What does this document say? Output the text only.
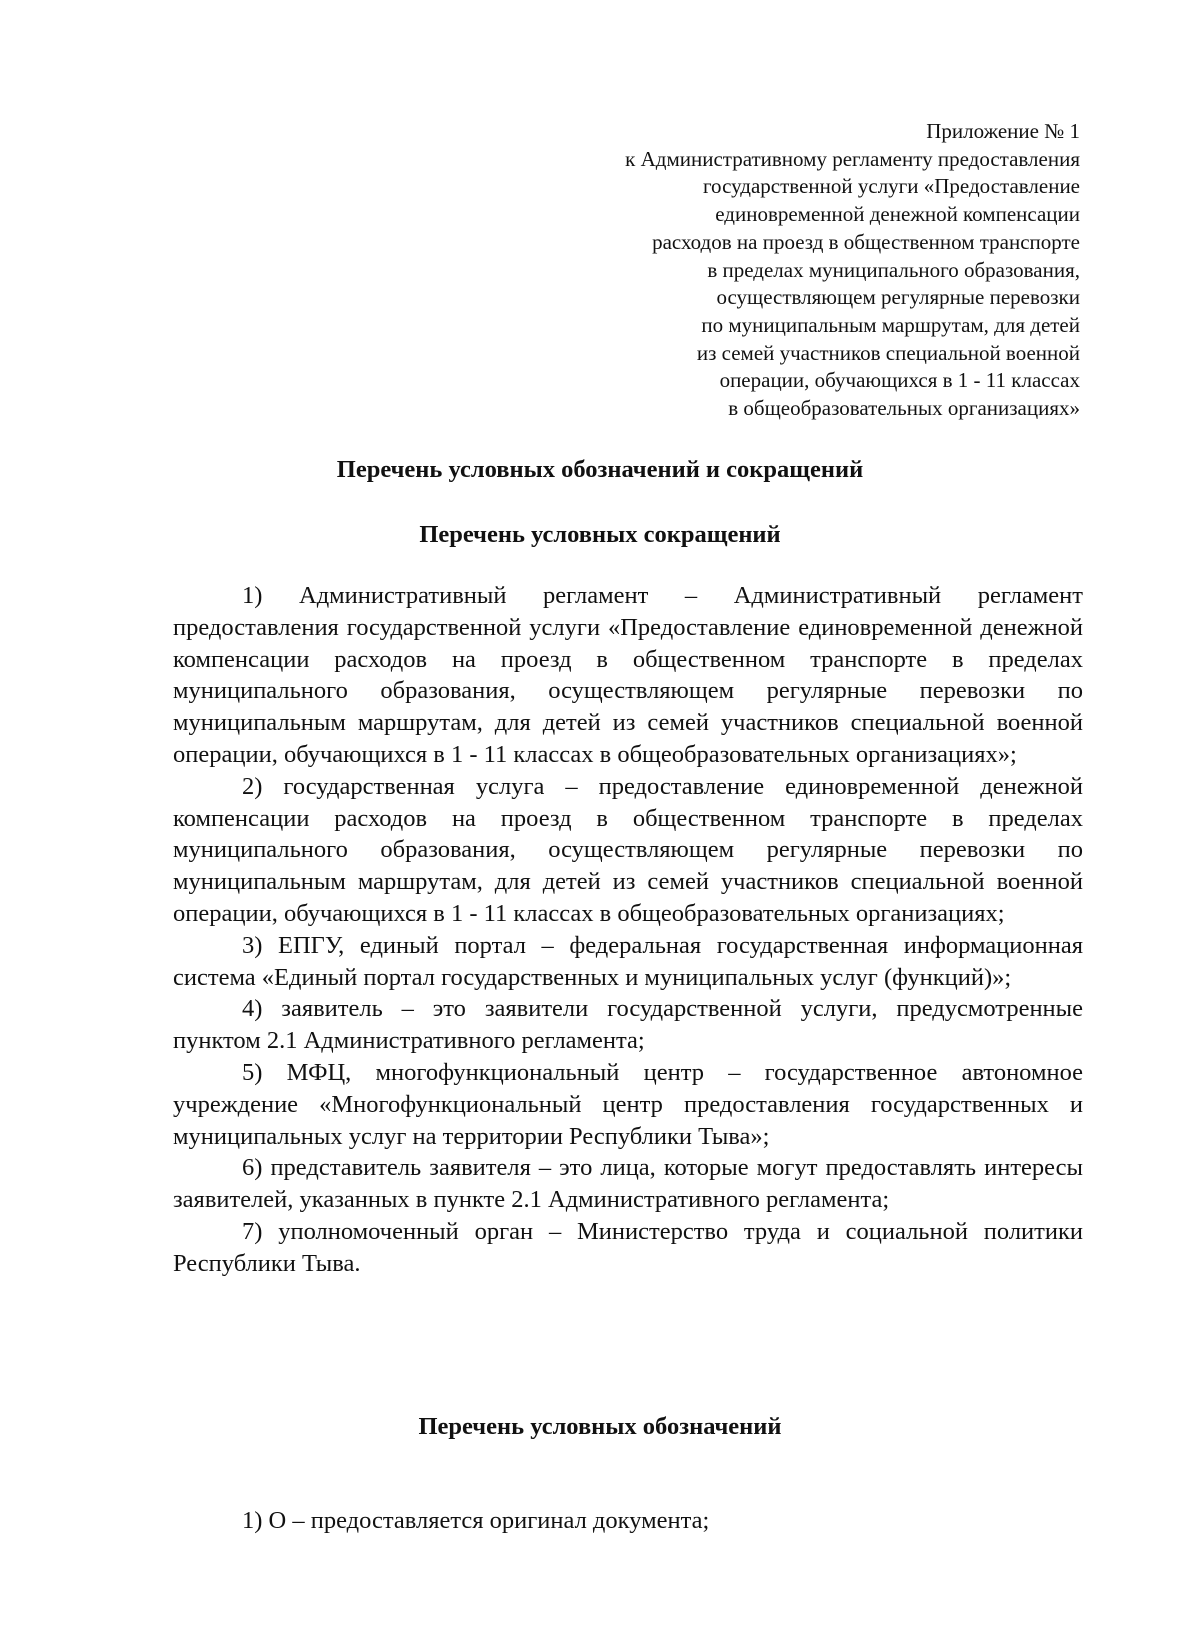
Приложение № 1
к Административному регламенту предоставления
государственной услуги «Предоставление
единовременной денежной компенсации
расходов на проезд в общественном транспорте
в пределах муниципального образования,
осуществляющем регулярные перевозки
по муниципальным маршрутам, для детей
из семей участников специальной военной
операции, обучающихся в 1 - 11 классах
в общеобразовательных организациях»
Перечень условных обозначений и сокращений
Перечень условных сокращений

1) Административный регламент – Административный регламент предоставления государственной услуги «Предоставление единовременной денежной компенсации расходов на проезд в общественном транспорте в пределах муниципального образования, осуществляющем регулярные перевозки по муниципальным маршрутам, для детей из семей участников специальной военной операции, обучающихся в 1 - 11 классах в общеобразовательных организациях»;

2) государственная услуга – предоставление единовременной денежной компенсации расходов на проезд в общественном транспорте в пределах муниципального образования, осуществляющем регулярные перевозки по муниципальным маршрутам, для детей из семей участников специальной военной операции, обучающихся в 1 - 11 классах в общеобразовательных организациях;

3) ЕПГУ, единый портал – федеральная государственная информационная система «Единый портал государственных и муниципальных услуг (функций)»;

4) заявитель – это заявители государственной услуги, предусмотренные пунктом 2.1 Административного регламента;

5) МФЦ, многофункциональный центр – государственное автономное учреждение «Многофункциональный центр предоставления государственных и муниципальных услуг на территории Республики Тыва»;

6) представитель заявителя – это лица, которые могут предоставлять интересы заявителей, указанных в пункте 2.1 Административного регламента;

7) уполномоченный орган – Министерство труда и социальной политики Республики Тыва.

Перечень условных обозначений

1) О – предоставляется оригинал документа;
